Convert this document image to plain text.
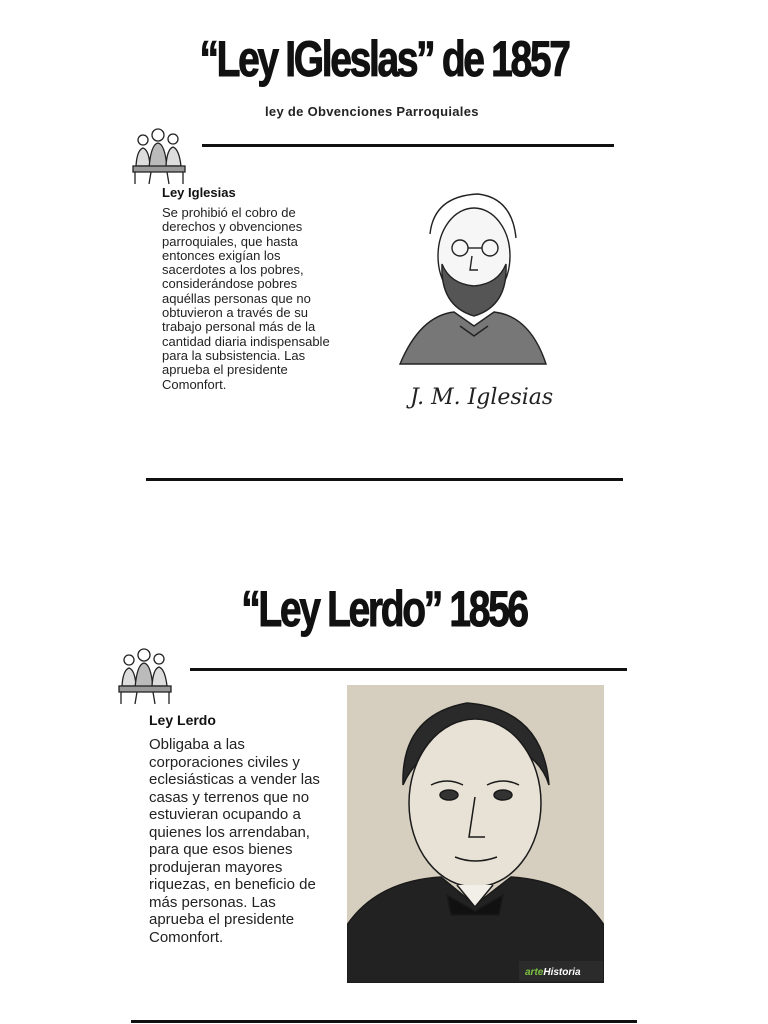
“Ley IGleslas” de 1857
ley de Obvenciones Parroquiales
Ley Iglesias
Se prohibió el cobro de derechos y obvenciones parroquiales, que hasta entonces exigían los sacerdotes a los pobres, considerándose pobres aquéllas personas que no obtuvieron a través de su trabajo personal más de la cantidad diaria indispensable para la subsistencia. Las aprueba el presidente Comonfort.
J. M. Iglesias
“Ley Lerdo” 1856
Ley Lerdo
Obligaba a las corporaciones civiles y eclesiásticas a vender las casas y terrenos que no estuvieran ocupando a quienes los arrendaban, para que esos bienes produjeran mayores riquezas, en beneficio de más personas. Las aprueba el presidente Comonfort.
arteHistoria
